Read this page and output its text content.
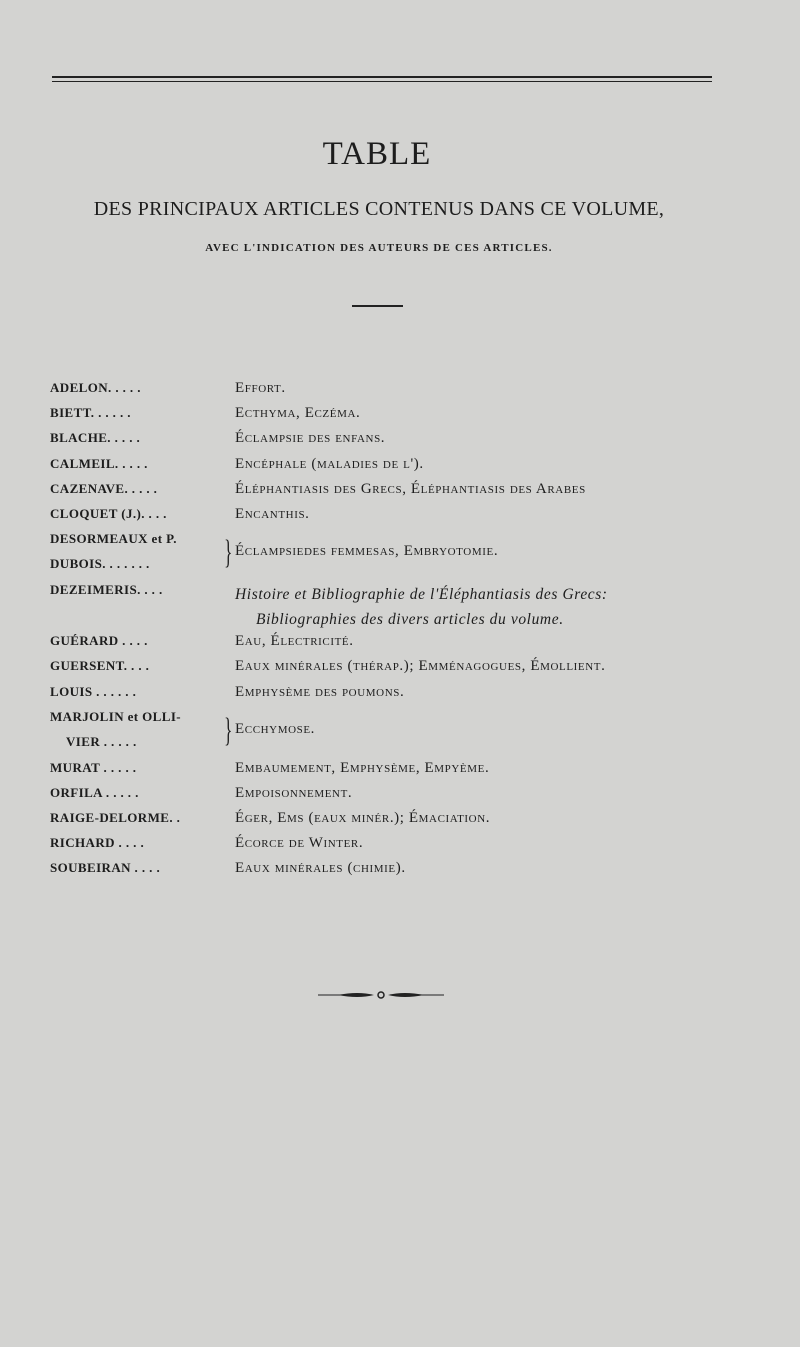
TABLE
DES PRINCIPAUX ARTICLES CONTENUS DANS CE VOLUME,
AVEC L'INDICATION DES AUTEURS DE CES ARTICLES.
ADELON. . . . .	Effort.
BIETT. . . . . .	Ecthyma, Eczéma.
BLACHE. . . . .	Éclampsie des enfans.
CALMEIL. . . . .	Encéphale (maladies de l').
CAZENAVE. . . . .	Éléphantiasis des Grecs, Éléphantiasis des Arabes
CLOQUET (J.). . . .	Encanthis.
DESORMEAUX et P.
DUBOIS. . . . . . .	} Éclampsiedes femmesas, Embryotomie.
DEZEIMERIS. . . .	Histoire et Bibliographie de l'Éléphantiasis des Grecs:
Bibliographies des divers articles du volume.
GUÉRARD . . . .	Eau, Électricité.
GUERSENT. . . .	Eaux minérales (thérap.); Emménagogues, Émollient.
LOUIS . . . . . .	Emphysème des poumons.
MARJOLIN et OLLI-
VIER . . . . .	} Ecchymose.
MURAT . . . . .	Embaumement, Emphysème, Empyème.
ORFILA . . . . .	Empoisonnement.
RAIGE-DELORME. .	Éger, Ems (eaux minér.); Émaciation.
RICHARD . . . .	Écorce de Winter.
SOUBEIRAN . . . .	Eaux minérales (chimie).
